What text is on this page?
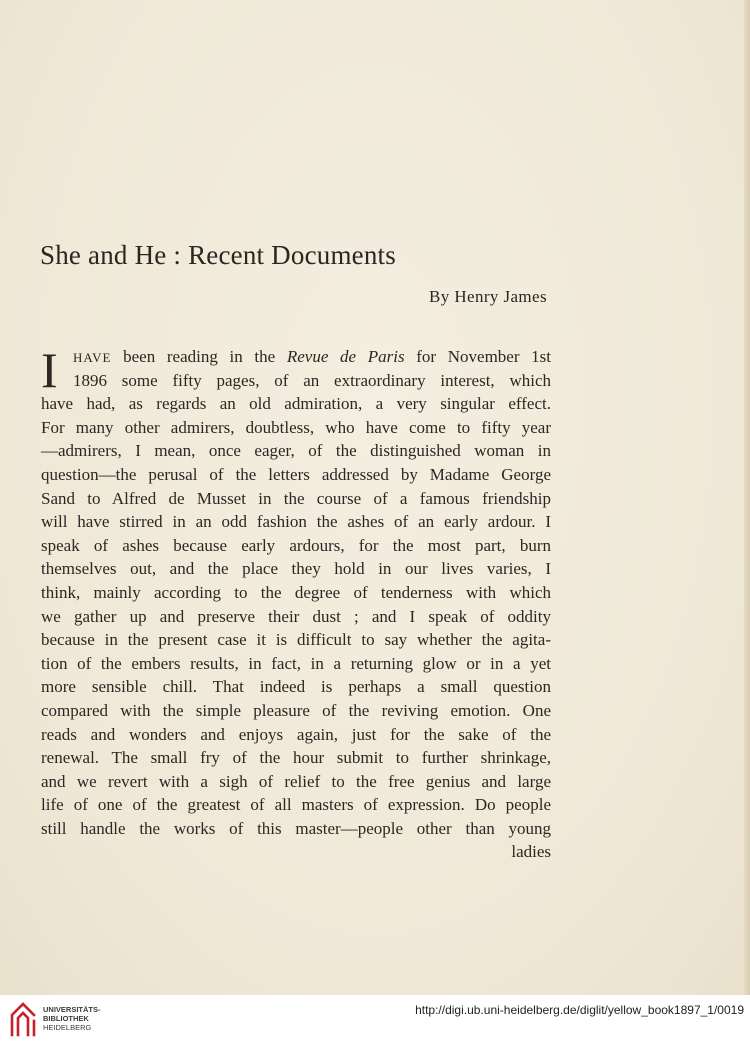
She and He : Recent Documents
By Henry James
I	HAVE been reading in the Revue de Paris for November 1st
1896 some fifty pages, of an extraordinary interest, which
have had, as regards an old admiration, a very singular effect.
For many other admirers, doubtless, who have come to fifty year
—admirers, I mean, once eager, of the distinguished woman in
question—the perusal of the letters addressed by Madame George
Sand to Alfred de Musset in the course of a famous friendship
will have stirred in an odd fashion the ashes of an early ardour. I
speak of ashes because early ardours, for the most part, burn
themselves out, and the place they hold in our lives varies, I
think, mainly according to the degree of tenderness with which
we gather up and preserve their dust ; and I speak of oddity
because in the present case it is difficult to say whether the agita-
tion of the embers results, in fact, in a returning glow or in a yet
more sensible chill. That indeed is perhaps a small question
compared with the simple pleasure of the reviving emotion. One
reads and wonders and enjoys again, just for the sake of the
renewal. The small fry of the hour submit to further shrinkage,
and we revert with a sigh of relief to the free genius and large
life of one of the greatest of all masters of expression. Do people
still handle the works of this master—people other than young
ladies
UNIVERSITÄTS-
BIBLIOTHEK
HEIDELBERG
http://digi.ub.uni-heidelberg.de/diglit/yellow_book1897_1/0019
